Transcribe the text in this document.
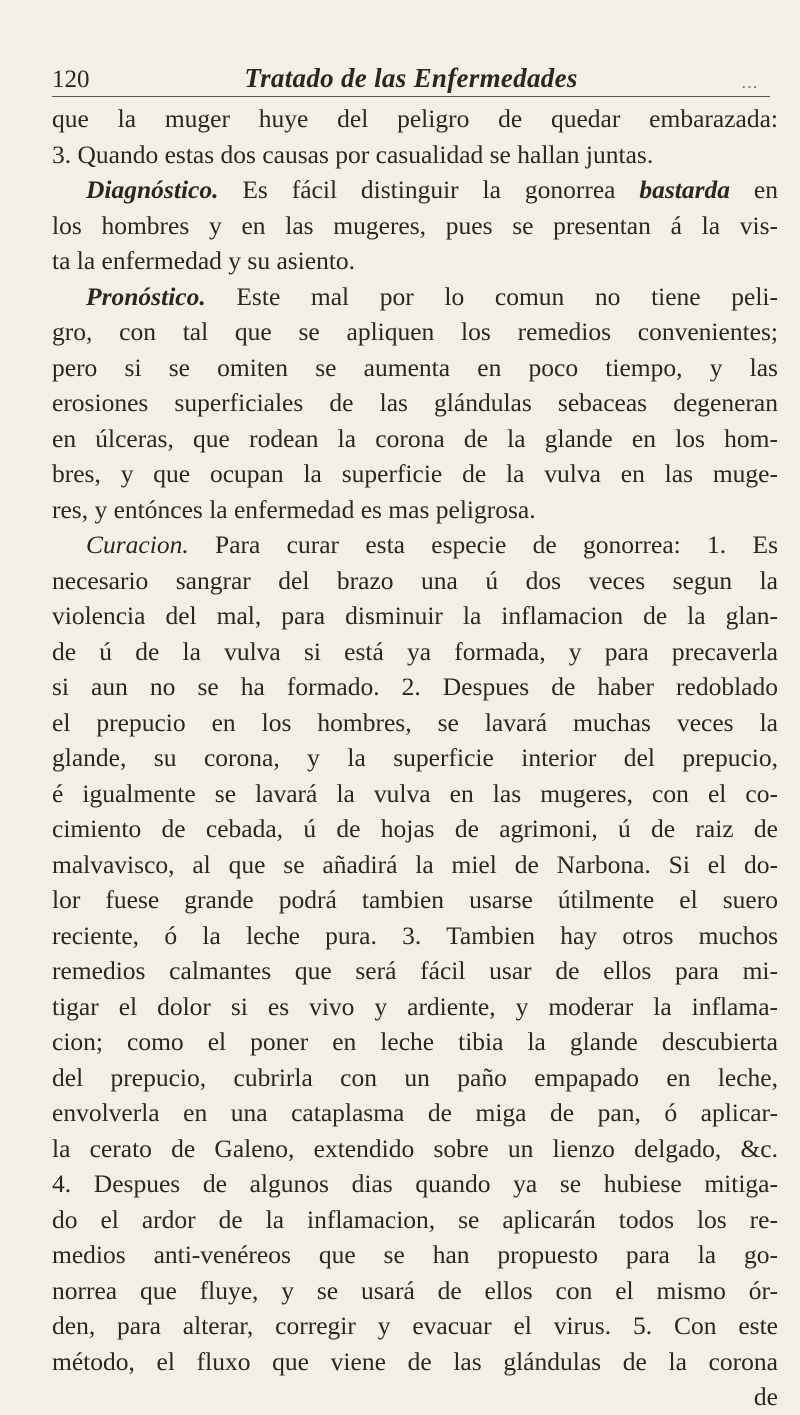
120	Tratado de las Enfermedades	...
que la muger huye del peligro de quedar embarazada:
3. Quando estas dos causas por casualidad se hallan juntas.
Diagnóstico. Es fácil distinguir la gonorrea bastarda en
los hombres y en las mugeres, pues se presentan á la vis-
ta la enfermedad y su asiento.
Pronóstico. Este mal por lo comun no tiene peli-
gro, con tal que se apliquen los remedios convenientes;
pero si se omiten se aumenta en poco tiempo, y las
erosiones superficiales de las glándulas sebaceas degeneran
en úlceras, que rodean la corona de la glande en los hom-
bres, y que ocupan la superficie de la vulva en las muge-
res, y entónces la enfermedad es mas peligrosa.
Curacion. Para curar esta especie de gonorrea: 1. Es
necesario sangrar del brazo una ú dos veces segun la
violencia del mal, para disminuir la inflamacion de la glan-
de ú de la vulva si está ya formada, y para precaverla
si aun no se ha formado. 2. Despues de haber redoblado
el prepucio en los hombres, se lavará muchas veces la
glande, su corona, y la superficie interior del prepucio,
é igualmente se lavará la vulva en las mugeres, con el co-
cimiento de cebada, ú de hojas de agrimoni, ú de raiz de
malvavisco, al que se añadirá la miel de Narbona. Si el do-
lor fuese grande podrá tambien usarse útilmente el suero
reciente, ó la leche pura. 3. Tambien hay otros muchos
remedios calmantes que será fácil usar de ellos para mi-
tigar el dolor si es vivo y ardiente, y moderar la inflama-
cion; como el poner en leche tibia la glande descubierta
del prepucio, cubrirla con un paño empapado en leche,
envolverla en una cataplasma de miga de pan, ó aplicar-
la cerato de Galeno, extendido sobre un lienzo delgado, &c.
4. Despues de algunos dias quando ya se hubiese mitiga-
do el ardor de la inflamacion, se aplicarán todos los re-
medios anti-venéreos que se han propuesto para la go-
norrea que fluye, y se usará de ellos con el mismo ór-
den, para alterar, corregir y evacuar el virus. 5. Con este
método, el fluxo que viene de las glándulas de la corona
de
